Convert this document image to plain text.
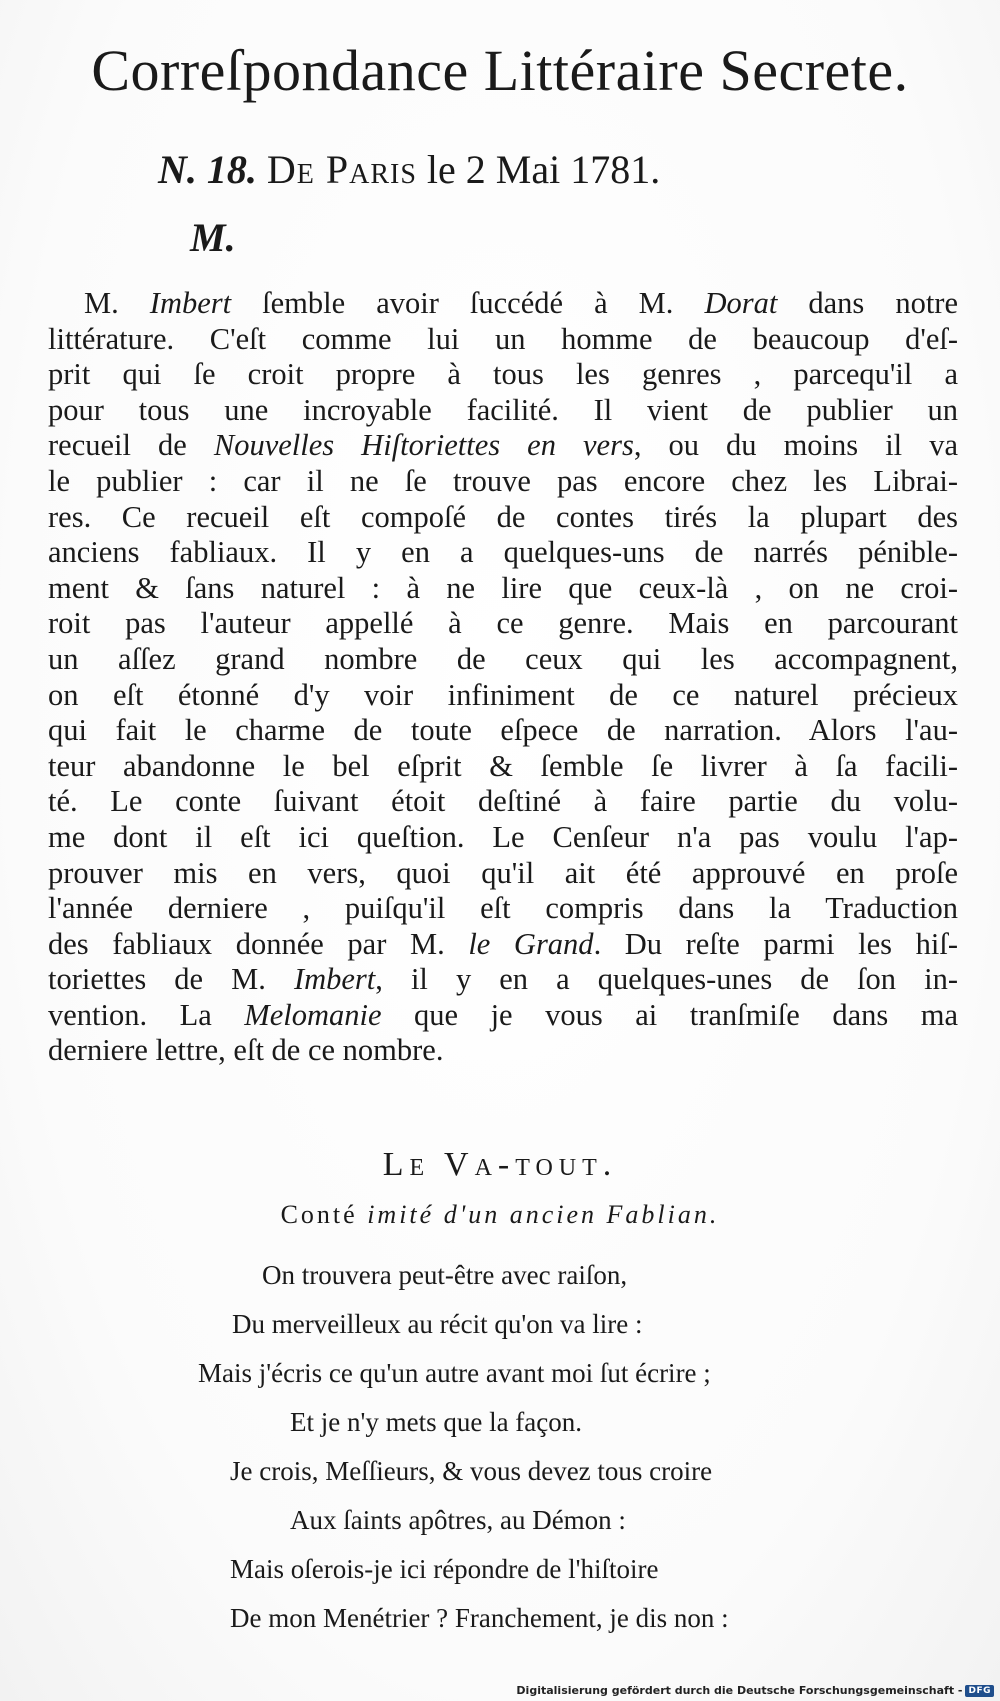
Correſpondance Littéraire Secrete.
N. 18. De Paris le 2 Mai 1781.
M.
M. Imbert ſemble avoir ſuccédé à M. Dorat dans notre
littérature. C'eſt comme lui un homme de beaucoup d'eſ-
prit qui ſe croit propre à tous les genres , parcequ'il a
pour tous une incroyable facilité. Il vient de publier un
recueil de Nouvelles Hiſtoriettes en vers, ou du moins il va
le publier : car il ne ſe trouve pas encore chez les Librai-
res. Ce recueil eſt compoſé de contes tirés la plupart des
anciens fabliaux. Il y en a quelques-uns de narrés pénible-
ment & ſans naturel : à ne lire que ceux-là , on ne croi-
roit pas l'auteur appellé à ce genre. Mais en parcourant
un aſſez grand nombre de ceux qui les accompagnent,
on eſt étonné d'y voir infiniment de ce naturel précieux
qui fait le charme de toute eſpece de narration. Alors l'au-
teur abandonne le bel eſprit & ſemble ſe livrer à ſa facili-
té. Le conte ſuivant étoit deſtiné à faire partie du volu-
me dont il eſt ici queſtion. Le Cenſeur n'a pas voulu l'ap-
prouver mis en vers, quoi qu'il ait été approuvé en proſe
l'année derniere , puiſqu'il eſt compris dans la Traduction
des fabliaux donnée par M. le Grand. Du reſte parmi les hiſ-
toriettes de M. Imbert, il y en a quelques-unes de ſon in-
vention. La Melomanie que je vous ai tranſmiſe dans ma
derniere lettre, eſt de ce nombre.
Le Va-tout.
Conté imité d'un ancien Fablian.
On trouvera peut-être avec raiſon,
Du merveilleux au récit qu'on va lire :
Mais j'écris ce qu'un autre avant moi ſut écrire ;
Et je n'y mets que la façon.
Je crois, Meſſieurs, & vous devez tous croire
Aux ſaints apôtres, au Démon :
Mais oſerois-je ici répondre de l'hiſtoire
De mon Menétrier ? Franchement, je dis non :
Digitalisierung gefördert durch die Deutsche Forschungsgemeinschaft - DFG
